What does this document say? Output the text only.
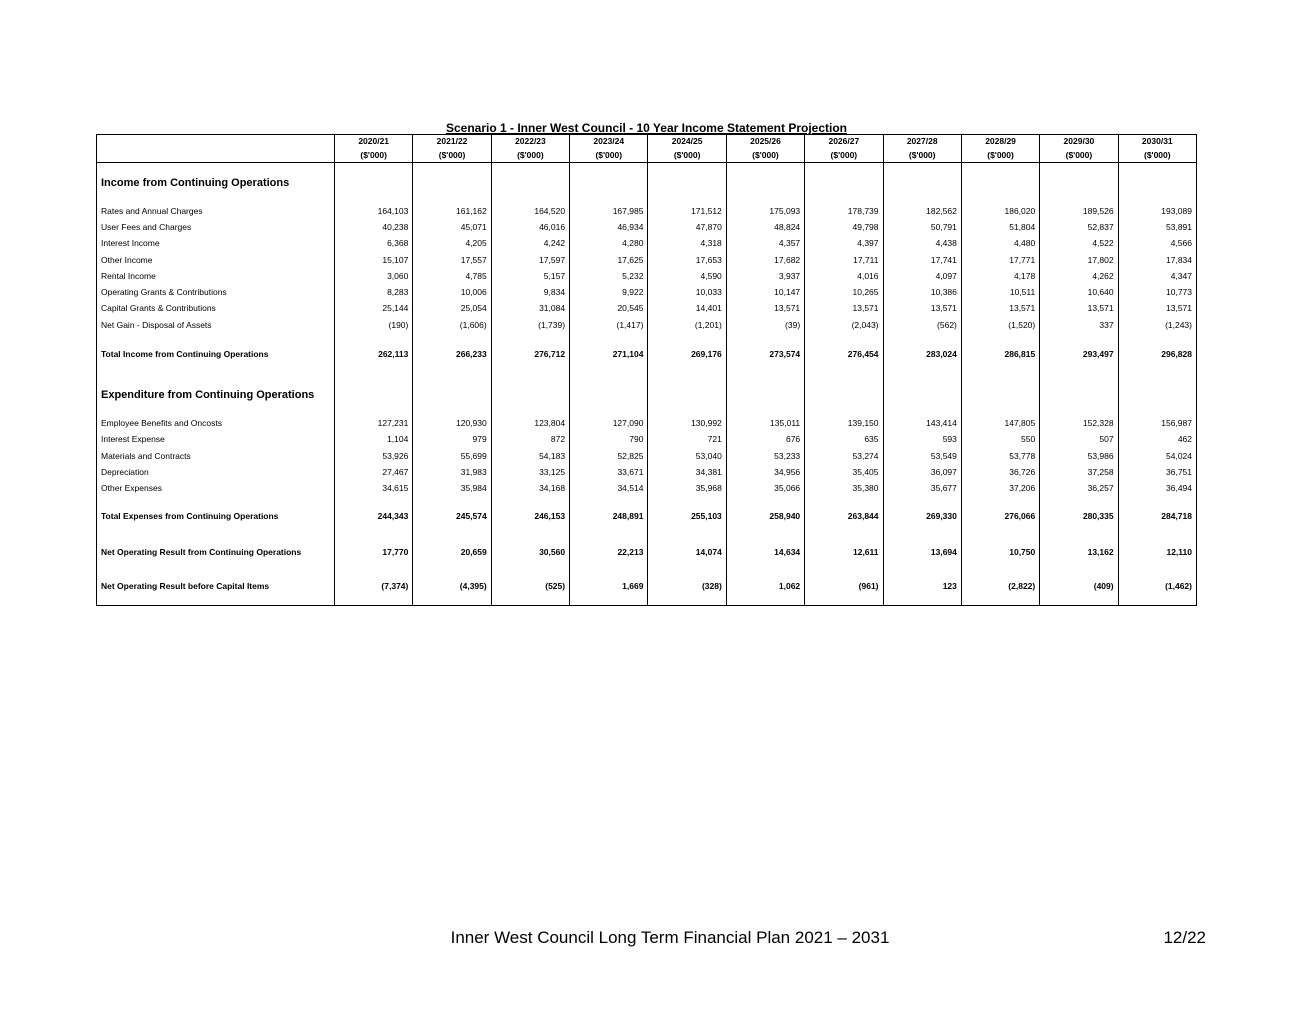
Scenario 1 - Inner West Council - 10 Year Income Statement Projection
	2020/21	2021/22	2022/23	2023/24	2024/25	2025/26	2026/27	2027/28	2028/29	2029/30	2030/31
	($'000)	($'000)	($'000)	($'000)	($'000)	($'000)	($'000)	($'000)	($'000)	($'000)	($'000)
Income from Continuing Operations											
Rates and Annual Charges	164,103	161,162	164,520	167,985	171,512	175,093	178,739	182,562	186,020	189,526	193,089
User Fees and Charges	40,238	45,071	46,016	46,934	47,870	48,824	49,798	50,791	51,804	52,837	53,891
Interest Income	6,368	4,205	4,242	4,280	4,318	4,357	4,397	4,438	4,480	4,522	4,566
Other Income	15,107	17,557	17,597	17,625	17,653	17,682	17,711	17,741	17,771	17,802	17,834
Rental Income	3,060	4,785	5,157	5,232	4,590	3,937	4,016	4,097	4,178	4,262	4,347
Operating Grants & Contributions	8,283	10,006	9,834	9,922	10,033	10,147	10,265	10,386	10,511	10,640	10,773
Capital Grants & Contributions	25,144	25,054	31,084	20,545	14,401	13,571	13,571	13,571	13,571	13,571	13,571
Net Gain - Disposal of Assets	(190)	(1,606)	(1,739)	(1,417)	(1,201)	(39)	(2,043)	(562)	(1,520)	337	(1,243)
Total Income from Continuing Operations	262,113	266,233	276,712	271,104	269,176	273,574	276,454	283,024	286,815	293,497	296,828
Expenditure from Continuing Operations											
Employee Benefits and Oncosts	127,231	120,930	123,804	127,090	130,992	135,011	139,150	143,414	147,805	152,328	156,987
Interest Expense	1,104	979	872	790	721	676	635	593	550	507	462
Materials and Contracts	53,926	55,699	54,183	52,825	53,040	53,233	53,274	53,549	53,778	53,986	54,024
Depreciation	27,467	31,983	33,125	33,671	34,381	34,956	35,405	36,097	36,726	37,258	36,751
Other Expenses	34,615	35,984	34,168	34,514	35,968	35,066	35,380	35,677	37,206	36,257	36,494
Total Expenses from Continuing Operations	244,343	245,574	246,153	248,891	255,103	258,940	263,844	269,330	276,066	280,335	284,718
Net Operating Result from Continuing Operations	17,770	20,659	30,560	22,213	14,074	14,634	12,611	13,694	10,750	13,162	12,110
Net Operating Result before Capital Items	(7,374)	(4,395)	(525)	1,669	(328)	1,062	(961)	123	(2,822)	(409)	(1,462)
Inner West Council Long Term Financial Plan 2021 – 2031	12/22
